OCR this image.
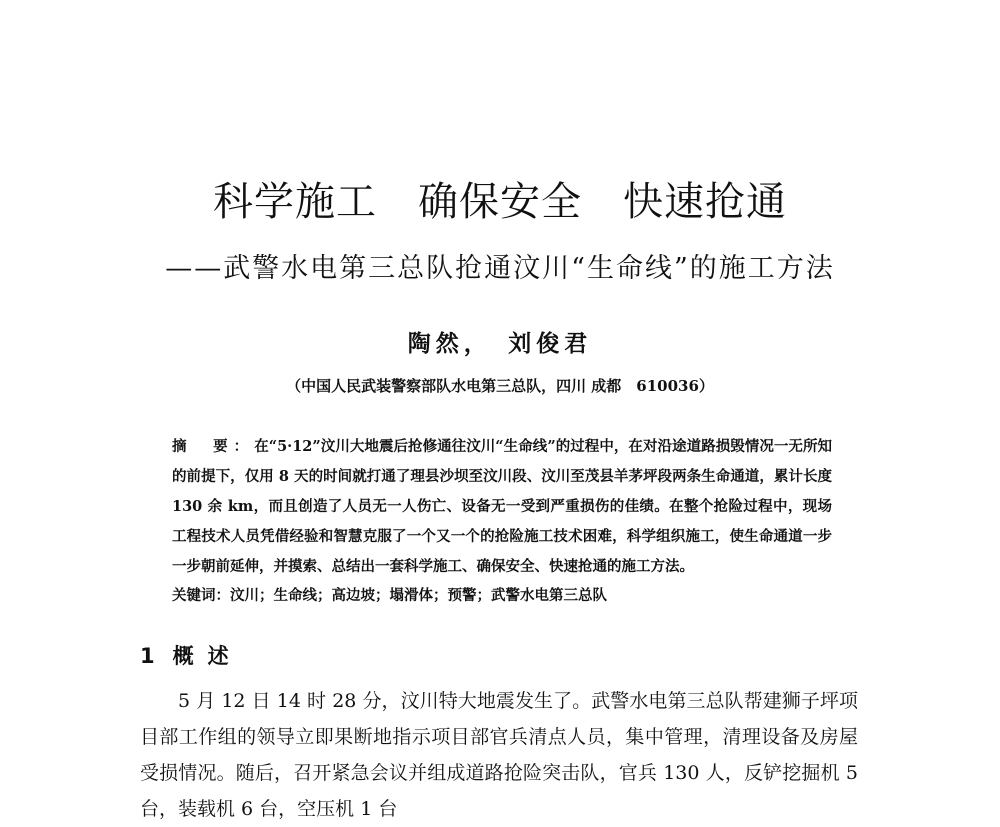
科学施工　确保安全　快速抢通
——武警水电第三总队抢通汶川“生命线”的施工方法
陶然，　刘俊君
（中国人民武装警察部队水电第三总队，四川 成都　610036）
摘　要：在“5·12”汶川大地震后抢修通往汶川“生命线”的过程中，在对沿途道路损毁情况一无所知的前提下，仅用 8 天的时间就打通了理县沙坝至汶川段、汶川至茂县羊茅坪段两条生命通道，累计长度 130 余 km，而且创造了人员无一人伤亡、设备无一受到严重损伤的佳绩。在整个抢险过程中，现场工程技术人员凭借经验和智慧克服了一个又一个的抢险施工技术困难，科学组织施工，使生命通道一步一步朝前延伸，并摸索、总结出一套科学施工、确保安全、快速抢通的施工方法。
关键词：汶川；生命线；高边坡；塌滑体；预警；武警水电第三总队
1 概述
5 月 12 日 14 时 28 分，汶川特大地震发生了。武警水电第三总队帮建狮子坪项目部工作组的领导立即果断地指示项目部官兵清点人员，集中管理，清理设备及房屋受损情况。随后，召开紧急会议并组成道路抢险突击队，官兵 130 人，反铲挖掘机 5 台，装载机 6 台，空压机 1 台
